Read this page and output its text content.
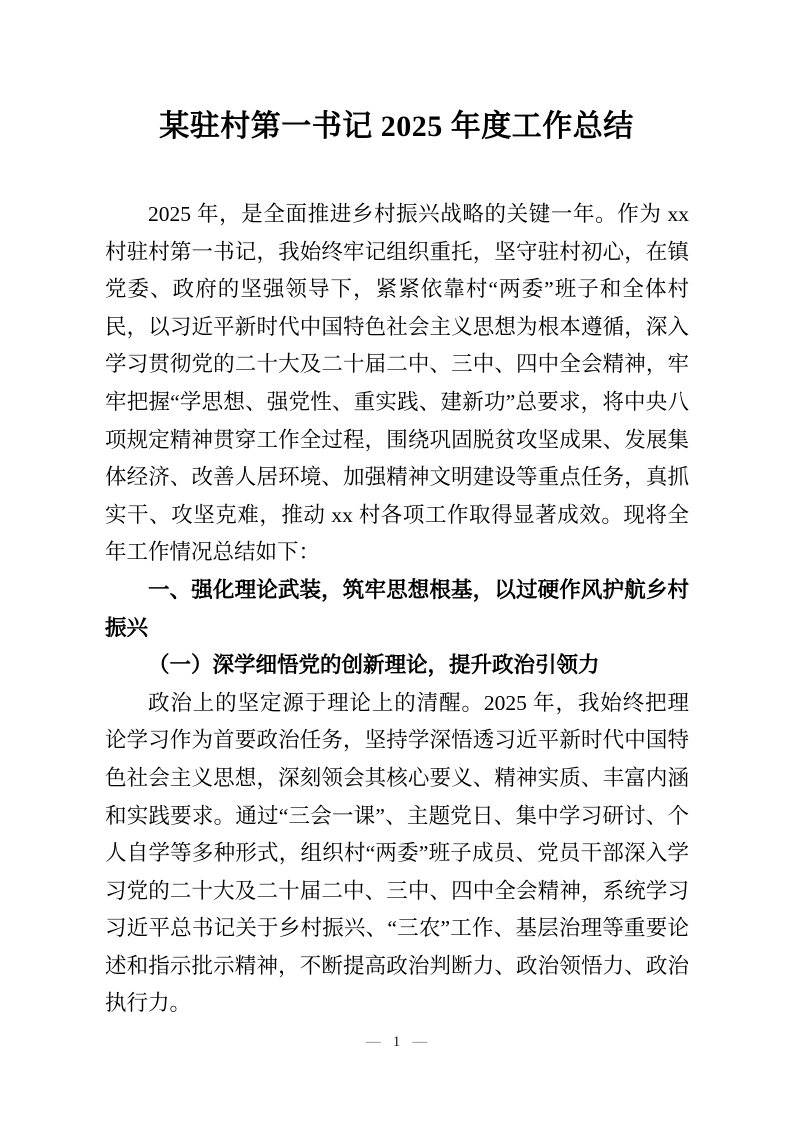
某驻村第一书记 2025 年度工作总结

2025 年，是全面推进乡村振兴战略的关键一年。作为 xx 村驻村第一书记，我始终牢记组织重托，坚守驻村初心，在镇党委、政府的坚强领导下，紧紧依靠村“两委”班子和全体村民，以习近平新时代中国特色社会主义思想为根本遵循，深入学习贯彻党的二十大及二十届二中、三中、四中全会精神，牢牢把握“学思想、强党性、重实践、建新功”总要求，将中央八项规定精神贯穿工作全过程，围绕巩固脱贫攻坚成果、发展集体经济、改善人居环境、加强精神文明建设等重点任务，真抓实干、攻坚克难，推动 xx 村各项工作取得显著成效。现将全年工作情况总结如下：

一、强化理论武装，筑牢思想根基，以过硬作风护航乡村振兴

（一）深学细悟党的创新理论，提升政治引领力

政治上的坚定源于理论上的清醒。2025 年，我始终把理论学习作为首要政治任务，坚持学深悟透习近平新时代中国特色社会主义思想，深刻领会其核心要义、精神实质、丰富内涵和实践要求。通过“三会一课”、主题党日、集中学习研讨、个人自学等多种形式，组织村“两委”班子成员、党员干部深入学习党的二十大及二十届二中、三中、四中全会精神，系统学习习近平总书记关于乡村振兴、“三农”工作、基层治理等重要论述和指示批示精神，不断提高政治判断力、政治领悟力、政治执行力。

— 1 —
